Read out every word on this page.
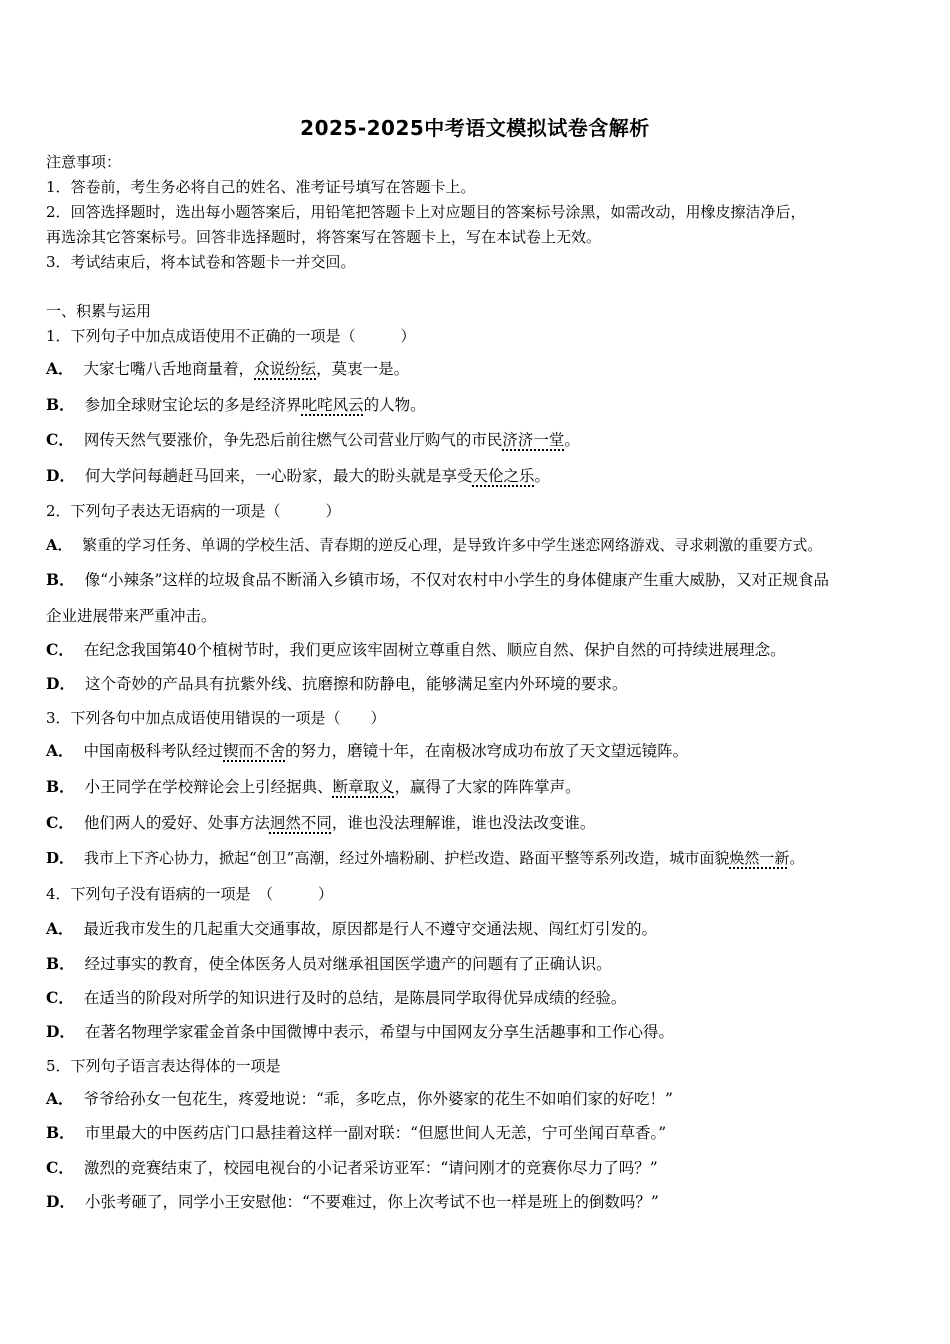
2025-2025中考语文模拟试卷含解析
注意事项：
1．答卷前，考生务必将自己的姓名、准考证号填写在答题卡上。
2．回答选择题时，选出每小题答案后，用铅笔把答题卡上对应题目的答案标号涂黑，如需改动，用橡皮擦洁净后，
再选涂其它答案标号。回答非选择题时，将答案写在答题卡上，写在本试卷上无效。
3．考试结束后，将本试卷和答题卡一并交回。
一、积累与运用
1．下列句子中加点成语使用不正确的一项是（　　　）
A． 大家七嘴八舌地商量着，众说纷纭，莫衷一是。
B． 参加全球财宝论坛的多是经济界叱咤风云的人物。
C． 网传天然气要涨价，争先恐后前往燃气公司营业厅购气的市民济济一堂。
D． 何大学问每趟赶马回来，一心盼家，最大的盼头就是享受天伦之乐。
2．下列句子表达无语病的一项是（　　　）
A． 繁重的学习任务、单调的学校生活、青春期的逆反心理，是导致许多中学生迷恋网络游戏、寻求刺激的重要方式。
B． 像“小辣条”这样的垃圾食品不断涌入乡镇市场，不仅对农村中小学生的身体健康产生重大威胁，又对正规食品
企业进展带来严重冲击。
C． 在纪念我国第40个植树节时，我们更应该牢固树立尊重自然、顺应自然、保护自然的可持续进展理念。
D． 这个奇妙的产品具有抗紫外线、抗磨擦和防静电，能够满足室内外环境的要求。
3．下列各句中加点成语使用错误的一项是（　　）
A． 中国南极科考队经过锲而不舍的努力，磨镜十年，在南极冰穹成功布放了天文望远镜阵。
B． 小王同学在学校辩论会上引经据典、断章取义，赢得了大家的阵阵掌声。
C． 他们两人的爱好、处事方法迥然不同，谁也没法理解谁，谁也没法改变谁。
D． 我市上下齐心协力，掀起“创卫”高潮，经过外墙粉刷、护栏改造、路面平整等系列改造，城市面貌焕然一新。
4．下列句子没有语病的一项是　（　　　）
A． 最近我市发生的几起重大交通事故，原因都是行人不遵守交通法规、闯红灯引发的。
B． 经过事实的教育，使全体医务人员对继承祖国医学遗产的问题有了正确认识。
C． 在适当的阶段对所学的知识进行及时的总结，是陈晨同学取得优异成绩的经验。
D． 在著名物理学家霍金首条中国微博中表示，希望与中国网友分享生活趣事和工作心得。
5．下列句子语言表达得体的一项是
A． 爷爷给孙女一包花生，疼爱地说：“乖，多吃点，你外婆家的花生不如咱们家的好吃！”
B． 市里最大的中医药店门口悬挂着这样一副对联：“但愿世间人无恙，宁可坐闻百草香。”
C． 激烈的竞赛结束了，校园电视台的小记者采访亚军：“请问刚才的竞赛你尽力了吗？”
D． 小张考砸了，同学小王安慰他：“不要难过，你上次考试不也一样是班上的倒数吗？”
